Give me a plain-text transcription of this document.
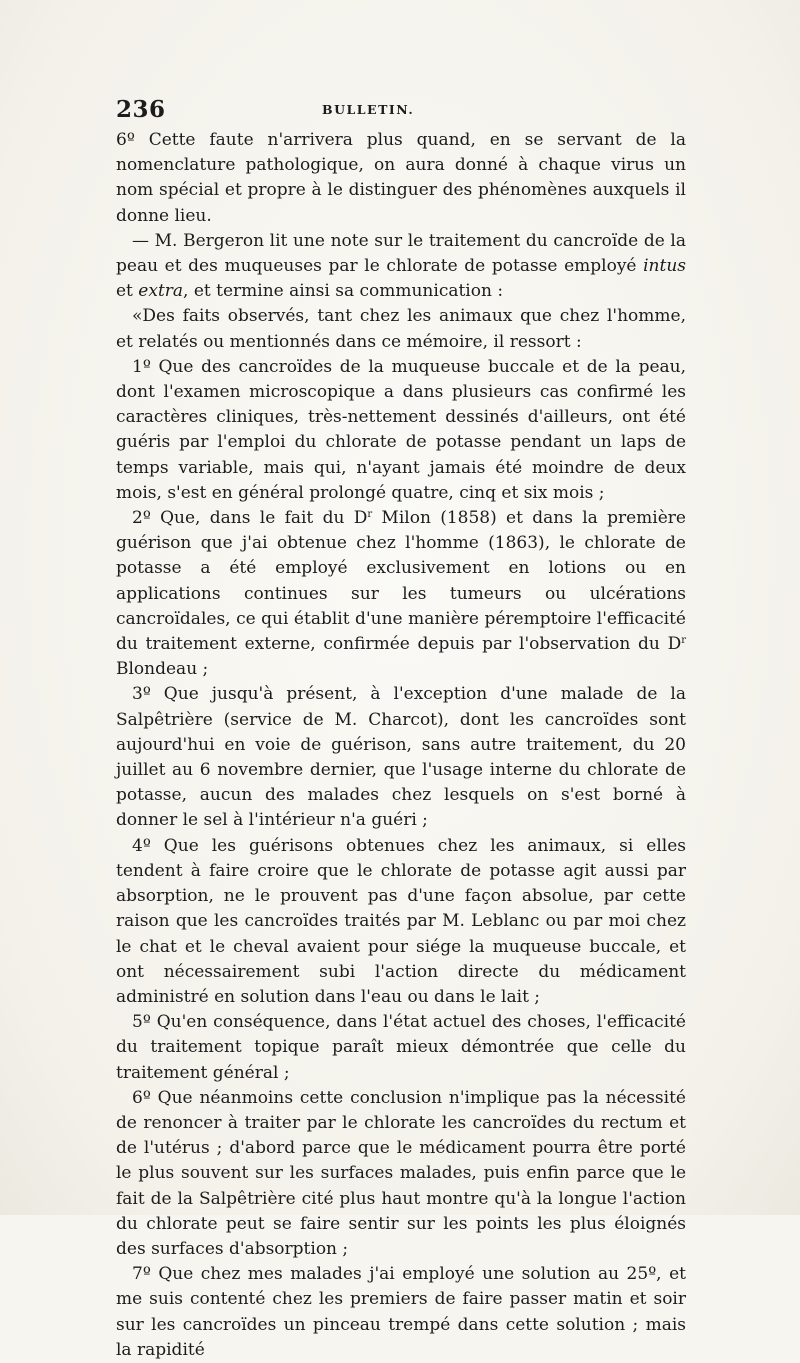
236	BULLETIN.

6º Cette faute n'arrivera plus quand, en se servant de la nomenclature pathologique, on aura donné à chaque virus un nom spécial et propre à le distinguer des phénomènes auxquels il donne lieu.

— M. Bergeron lit une note sur le traitement du cancroïde de la peau et des muqueuses par le chlorate de potasse employé intus et extra, et termine ainsi sa communication :

«Des faits observés, tant chez les animaux que chez l'homme, et relatés ou mentionnés dans ce mémoire, il ressort :

1º Que des cancroïdes de la muqueuse buccale et de la peau, dont l'examen microscopique a dans plusieurs cas confirmé les caractères cliniques, très-nettement dessinés d'ailleurs, ont été guéris par l'emploi du chlorate de potasse pendant un laps de temps variable, mais qui, n'ayant jamais été moindre de deux mois, s'est en général prolongé quatre, cinq et six mois ;

2º Que, dans le fait du $D^r$ Milon (1858) et dans la première guérison que j'ai obtenue chez l'homme (1863), le chlorate de potasse a été employé exclusivement en lotions ou en applications continues sur les tumeurs ou ulcérations cancroïdales, ce qui établit d'une manière péremptoire l'efficacité du traitement externe, confirmée depuis par l'observation du $D^r$ Blondeau ;

3º Que jusqu'à présent, à l'exception d'une malade de la Salpêtrière (service de M. Charcot), dont les cancroïdes sont aujourd'hui en voie de guérison, sans autre traitement, du 20 juillet au 6 novembre dernier, que l'usage interne du chlorate de potasse, aucun des malades chez lesquels on s'est borné à donner le sel à l'intérieur n'a guéri ;

4º Que les guérisons obtenues chez les animaux, si elles tendent à faire croire que le chlorate de potasse agit aussi par absorption, ne le prouvent pas d'une façon absolue, par cette raison que les cancroïdes traités par M. Leblanc ou par moi chez le chat et le cheval avaient pour siége la muqueuse buccale, et ont nécessairement subi l'action directe du médicament administré en solution dans l'eau ou dans le lait ;

5º Qu'en conséquence, dans l'état actuel des choses, l'efficacité du traitement topique paraît mieux démontrée que celle du traitement général ;

6º Que néanmoins cette conclusion n'implique pas la nécessité de renoncer à traiter par le chlorate les cancroïdes du rectum et de l'utérus ; d'abord parce que le médicament pourra être porté le plus souvent sur les surfaces malades, puis enfin parce que le fait de la Salpêtrière cité plus haut montre qu'à la longue l'action du chlorate peut se faire sentir sur les points les plus éloignés des surfaces d'absorption ;

7º Que chez mes malades j'ai employé une solution au 25º, et me suis contenté chez les premiers de faire passer matin et soir sur les cancroïdes un pinceau trempé dans cette solution ; mais la rapidité
